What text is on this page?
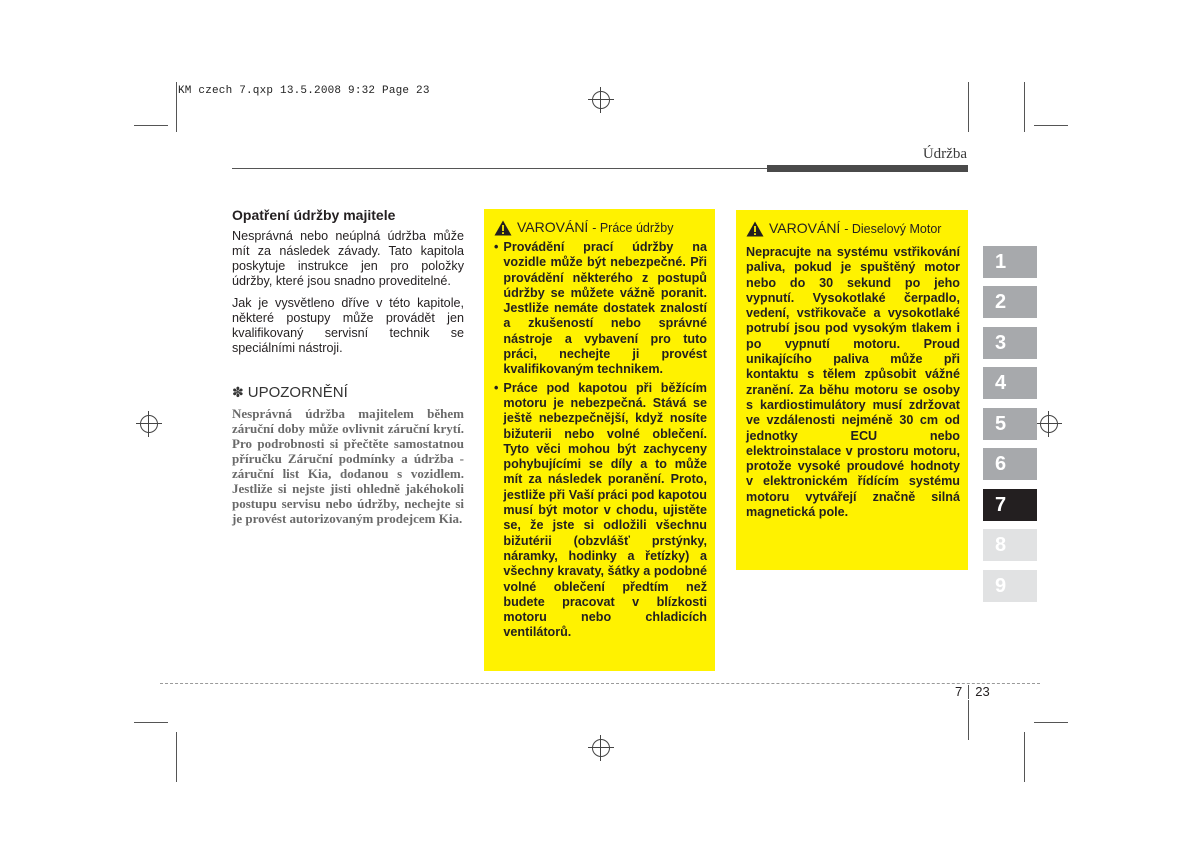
KM czech 7.qxp 13.5.2008 9:32 Page 23
Údržba
Opatření údržby majitele

Nesprávná nebo neúplná údržba může mít za následek závady. Tato kapitola poskytuje instrukce jen pro položky údržby, které jsou snadno proveditelné.

Jak je vysvětleno dříve v této kapitole, některé postupy může provádět jen kvalifikovaný servisní technik se speciálními nástroji.

✽ UPOZORNĚNÍ
Nesprávná údržba majitelem během záruční doby může ovlivnit záruční krytí. Pro podrobnosti si přečtěte samostatnou příručku Záruční podmínky a údržba - záruční list Kia, dodanou s vozidlem. Jestliže si nejste jisti ohledně jakéhokoli postupu servisu nebo údržby, nechejte si je provést autorizovaným prodejcem Kia.
VAROVÁNÍ - Práce údržby
• Provádění prací údržby na vozidle může být nebezpečné. Při provádění některého z postupů údržby se můžete vážně poranit. Jestliže nemáte dostatek znalostí a zkušeností nebo správné nástroje a vybavení pro tuto práci, nechejte ji provést kvalifikovaným technikem.
• Práce pod kapotou při běžícím motoru je nebezpečná. Stává se ještě nebezpečnější, když nosíte bižuterii nebo volné oblečení. Tyto věci mohou být zachyceny pohybujícími se díly a to může mít za následek poranění. Proto, jestliže při Vaší práci pod kapotou musí být motor v chodu, ujistěte se, že jste si odložili všechnu bižutérii (obzvlášť prstýnky, náramky, hodinky a řetízky) a všechny kravaty, šátky a podobné volné oblečení předtím než budete pracovat v blízkosti motoru nebo chladicích ventilátorů.
VAROVÁNÍ - Dieselový Motor
Nepracujte na systému vstřikování paliva, pokud je spuštěný motor nebo do 30 sekund po jeho vypnutí. Vysokotlaké čerpadlo, vedení, vstřikovače a vysokotlaké potrubí jsou pod vysokým tlakem i po vypnutí motoru. Proud unikajícího paliva může při kontaktu s tělem způsobit vážné zranění. Za běhu motoru se osoby s kardiostimulátory musí zdržovat ve vzdálenosti nejméně 30 cm od jednotky ECU nebo elektroinstalace v prostoru motoru, protože vysoké proudové hodnoty v elektronickém řídícím systému motoru vytvářejí značně silná magnetická pole.
1
2
3
4
5
6
7
8
9
7 23
